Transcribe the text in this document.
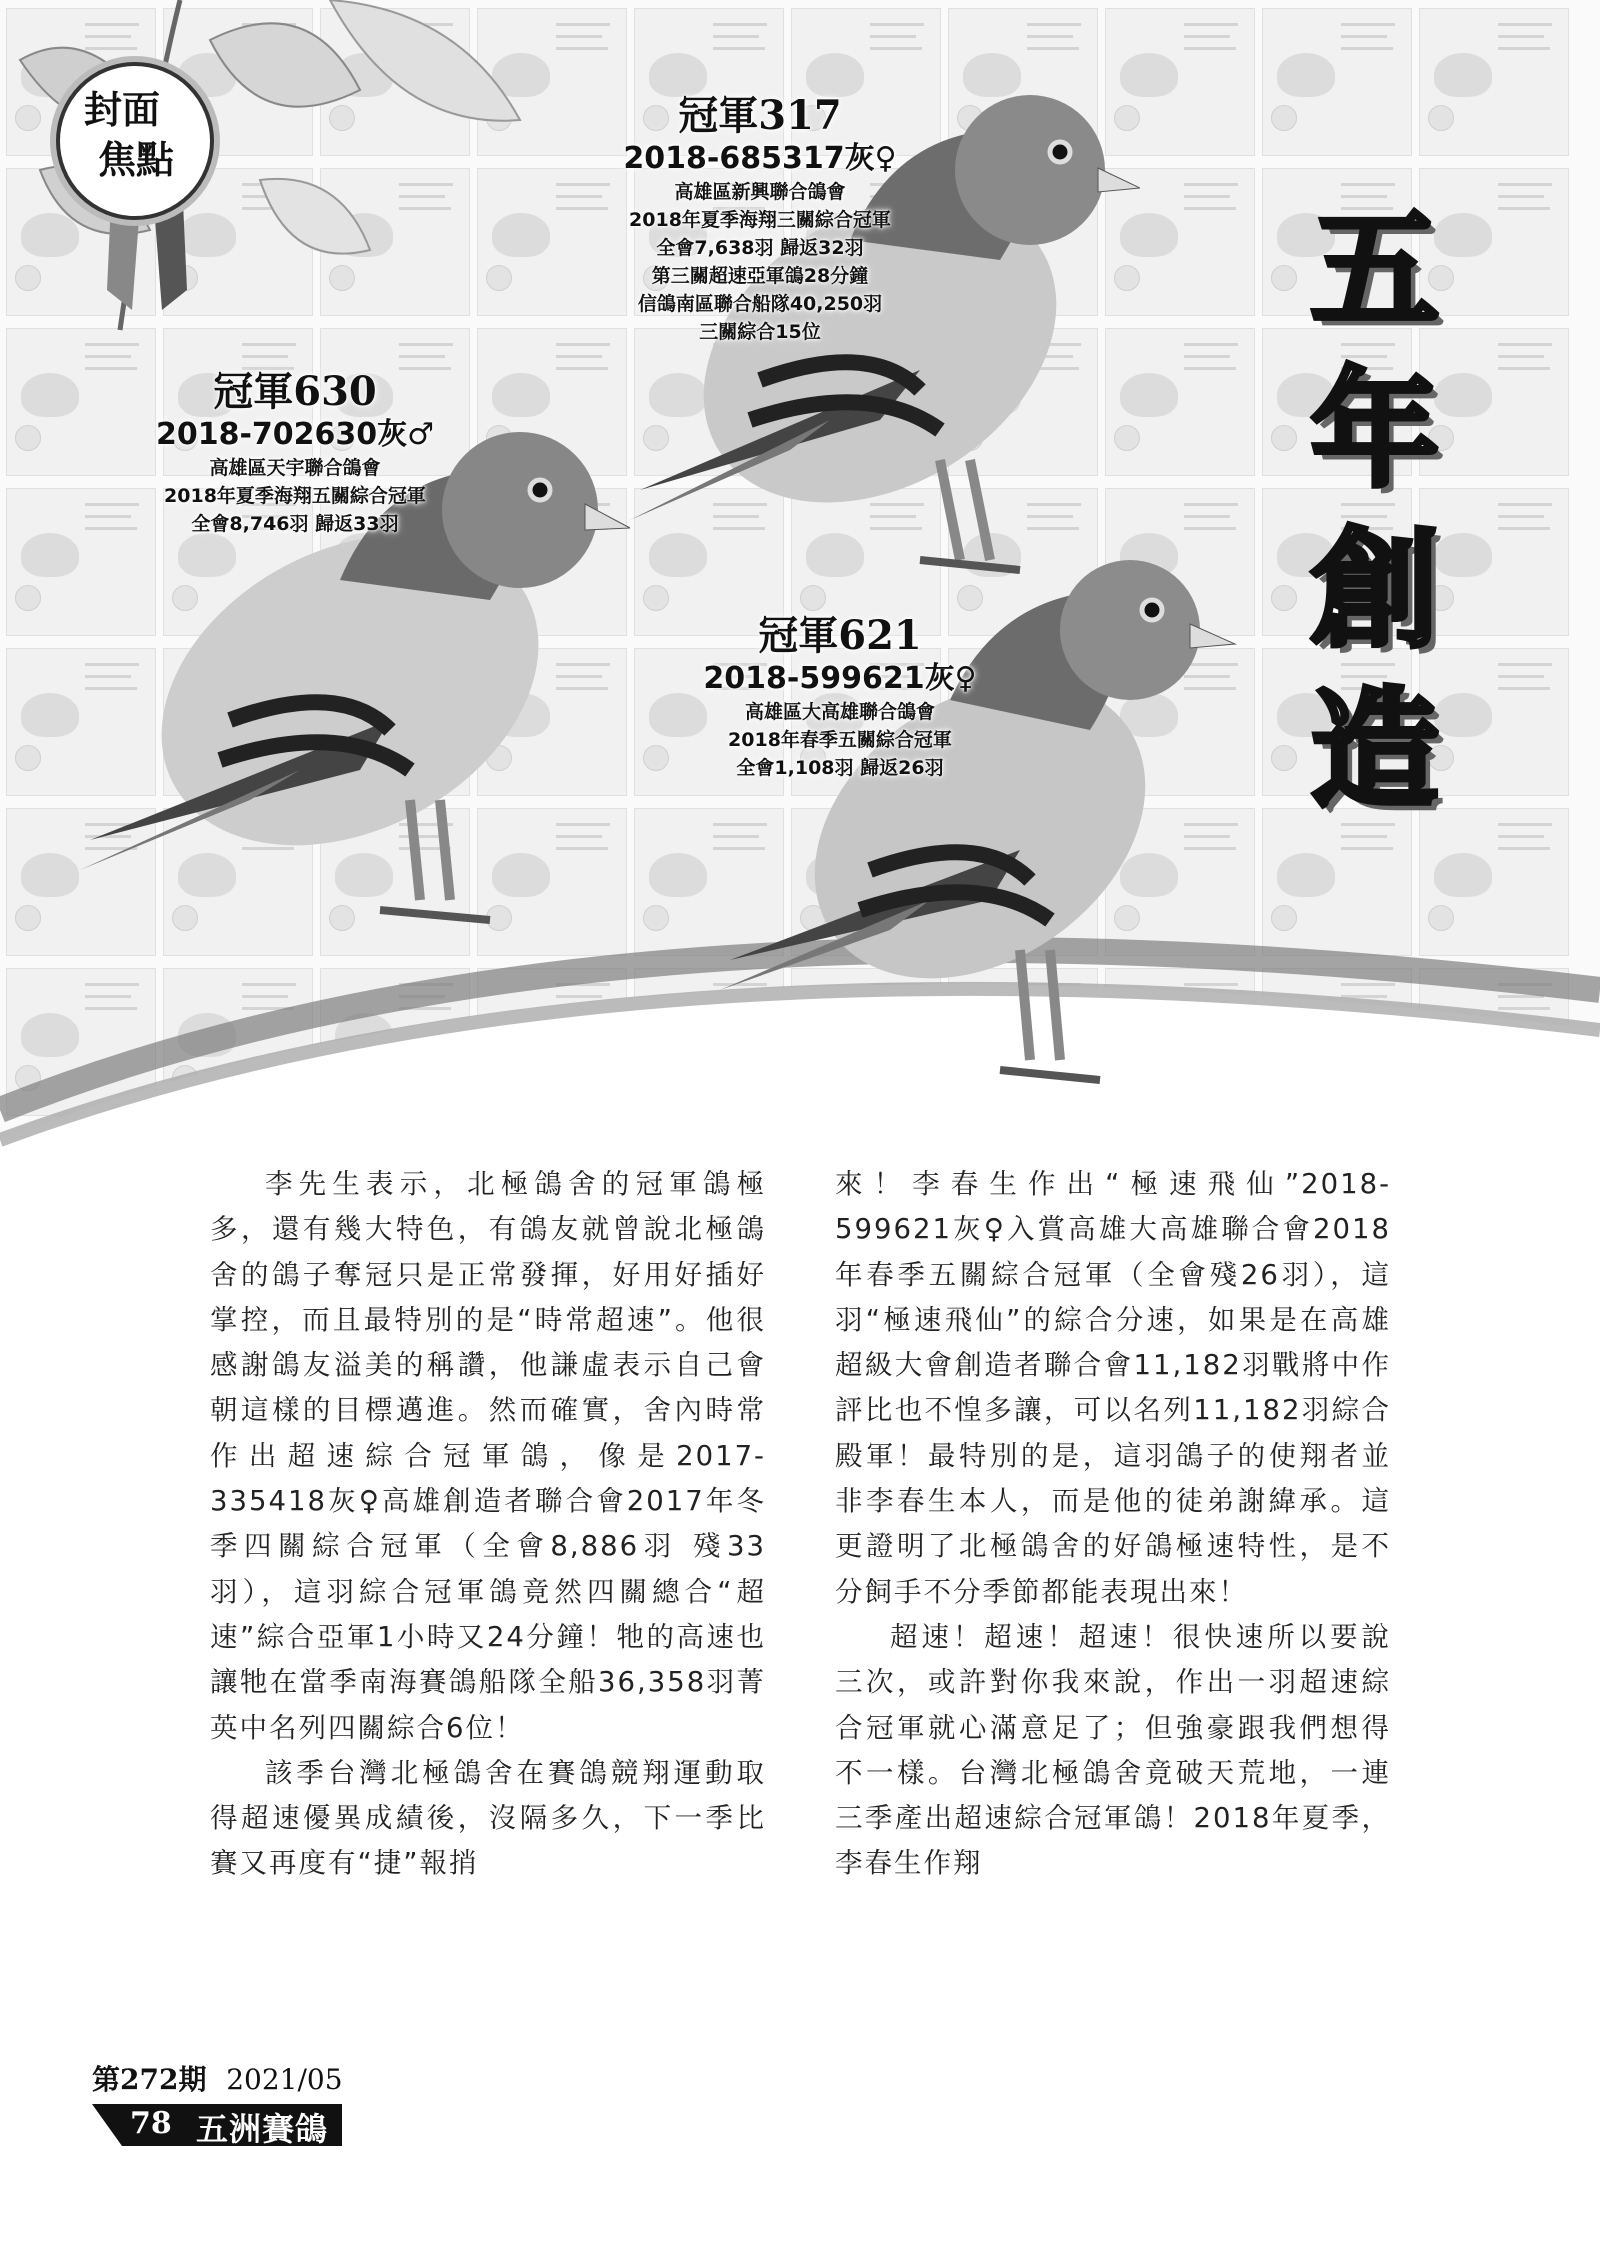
封面
焦點
冠軍317
2018-685317灰♀
高雄區新興聯合鴿會
2018年夏季海翔三關綜合冠軍
全會7,638羽 歸返32羽
第三關超速亞軍鴿28分鐘
信鴿南區聯合船隊40,250羽
三關綜合15位
冠軍630
2018-702630灰♂
高雄區天宇聯合鴿會
2018年夏季海翔五關綜合冠軍
全會8,746羽 歸返33羽
冠軍621
2018-599621灰♀
高雄區大高雄聯合鴿會
2018年春季五關綜合冠軍
全會1,108羽 歸返26羽
五
年
創
造

李先生表示，北極鴿舍的冠軍鴿極多，還有幾大特色，有鴿友就曾說北極鴿舍的鴿子奪冠只是正常發揮，好用好插好掌控，而且最特別的是“時常超速”。他很感謝鴿友溢美的稱讚，他謙虛表示自己會朝這樣的目標邁進。然而確實，舍內時常作出超速綜合冠軍鴿，像是2017-335418灰♀高雄創造者聯合會2017年冬季四關綜合冠軍（全會8,886羽 殘33羽），這羽綜合冠軍鴿竟然四關總合“超速”綜合亞軍1小時又24分鐘！牠的高速也讓牠在當季南海賽鴿船隊全船36,358羽菁英中名列四關綜合6位！

該季台灣北極鴿舍在賽鴿競翔運動取得超速優異成績後，沒隔多久，下一季比賽又再度有“捷”報捎

來！李春生作出“極速飛仙”2018-599621灰♀入賞高雄大高雄聯合會2018年春季五關綜合冠軍（全會殘26羽），這羽“極速飛仙”的綜合分速，如果是在高雄超級大會創造者聯合會11,182羽戰將中作評比也不惶多讓，可以名列11,182羽綜合殿軍！最特別的是，這羽鴿子的使翔者並非李春生本人，而是他的徒弟謝緯承。這更證明了北極鴿舍的好鴿極速特性，是不分飼手不分季節都能表現出來！

超速！超速！超速！很快速所以要說三次，或許對你我來說，作出一羽超速綜合冠軍就心滿意足了；但強豪跟我們想得不一樣。台灣北極鴿舍竟破天荒地，一連三季產出超速綜合冠軍鴿！2018年夏季，李春生作翔

第272期 2021/05
78 五洲賽鴿
